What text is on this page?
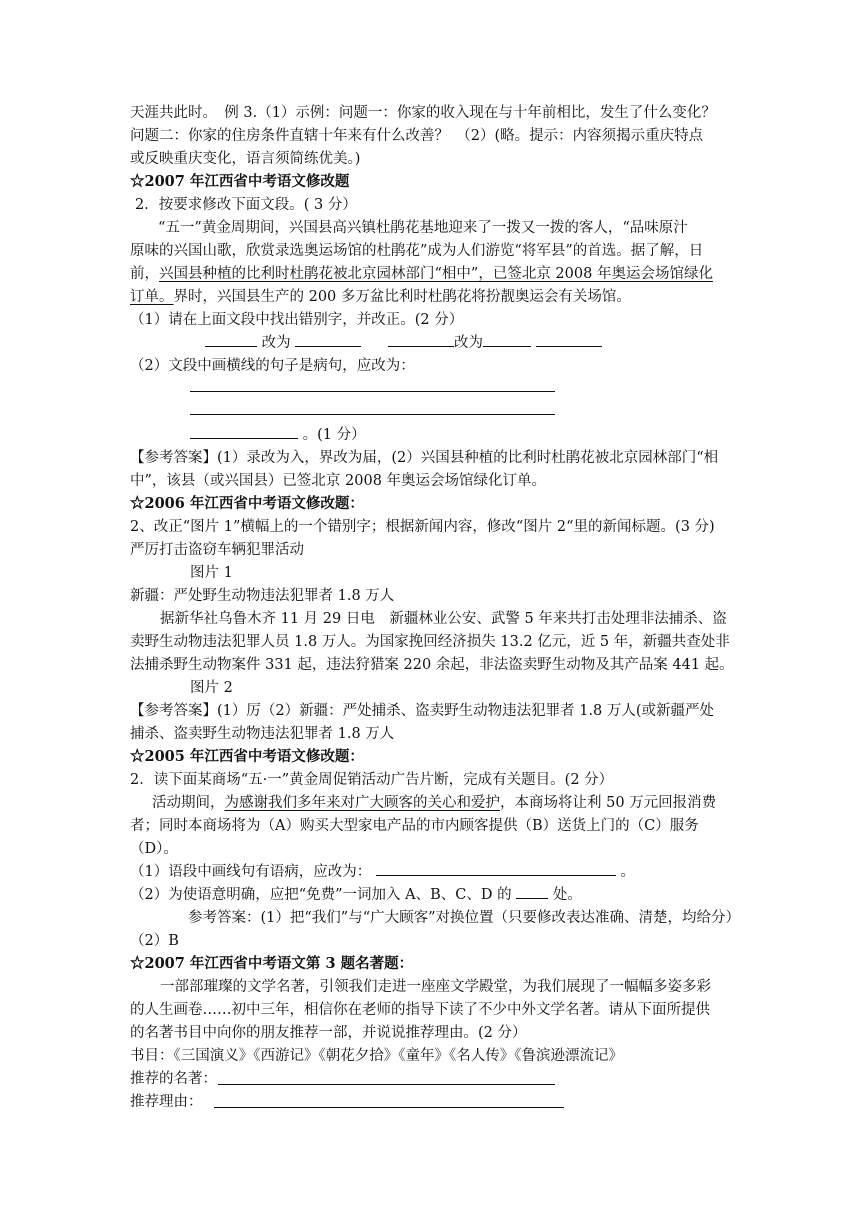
天涯共此时。　例 3.（1）示例：问题一：你家的收入现在与十年前相比，发生了什么变化？
问题二：你家的住房条件直辖十年来有什么改善？　（2）(略。提示：内容须揭示重庆特点
或反映重庆变化，语言须简练优美。)
☆2007 年江西省中考语文修改题
2．按要求修改下面文段。( 3 分）
“五一”黄金周期间，兴国县高兴镇杜鹃花基地迎来了一拨又一拨的客人，“品味原汁
原味的兴国山歌，欣赏录选奥运场馆的杜鹃花”成为人们游览“将军县”的首选。据了解，日
前，兴国县种植的比利时杜鹃花被北京园林部门“相中”，已签北京 2008 年奥运会场馆绿化
订单。界时，兴国县生产的 200 多万盆比利时杜鹃花将扮靓奥运会有关场馆。
（1）请在上面文段中找出错别字，并改正。(2 分）
改为	改为
（2）文段中画横线的句子是病句，应改为：
。(1 分）
【参考答案】(1）录改为入，界改为届，(2）兴国县种植的比利时杜鹃花被北京园林部门“相
中”，该县（或兴国县）已签北京 2008 年奥运会场馆绿化订单。
☆2006 年江西省中考语文修改题：
2、改正“图片 1”横幅上的一个错别字；根据新闻内容，修改“图片 2“里的新闻标题。(3 分)
严厉打击盗窃车辆犯罪活动
图片 1
新疆：严处野生动物违法犯罪者 1.8 万人
据新华社乌鲁木齐 11 月 29 日电　新疆林业公安、武警 5 年来共打击处理非法捕杀、盗
卖野生动物违法犯罪人员 1.8 万人。为国家挽回经济损失 13.2 亿元，近 5 年，新疆共查处非
法捕杀野生动物案件 331 起，违法狩猎案 220 余起，非法盗卖野生动物及其产品案 441 起。
图片 2
【参考答案】(1）厉（2）新疆：严处捕杀、盗卖野生动物违法犯罪者 1.8 万人(或新疆严处
捕杀、盗卖野生动物违法犯罪者 1.8 万人
☆2005 年江西省中考语文修改题：
2．读下面某商场“五·一”黄金周促销活动广告片断，完成有关题目。(2 分）
活动期间，为感谢我们多年来对广大顾客的关心和爱护，本商场将让利 50 万元回报消费
者；同时本商场将为（A）购买大型家电产品的市内顾客提供（B）送货上门的（C）服务
（D）。
（1）语段中画线句有语病，应改为：	。
（2）为使语意明确，应把“免费”一词加入 A、B、C、D 的	处。
参考答案：(1）把“我们”与“广大顾客”对换位置（只要修改表达准确、清楚，均给分）
（2）B
☆2007 年江西省中考语文第 3 题名著题：
一部部璀璨的文学名著，引领我们走进一座座文学殿堂，为我们展现了一幅幅多姿多彩
的人生画卷……初中三年，相信你在老师的指导下读了不少中外文学名著。请从下面所提供
的名著书目中向你的朋友推荐一部，并说说推荐理由。(2 分）
书目：《三国演义》《西游记》《朝花夕拾》《童年》《名人传》《鲁滨逊漂流记》
推荐的名著：
推荐理由：
